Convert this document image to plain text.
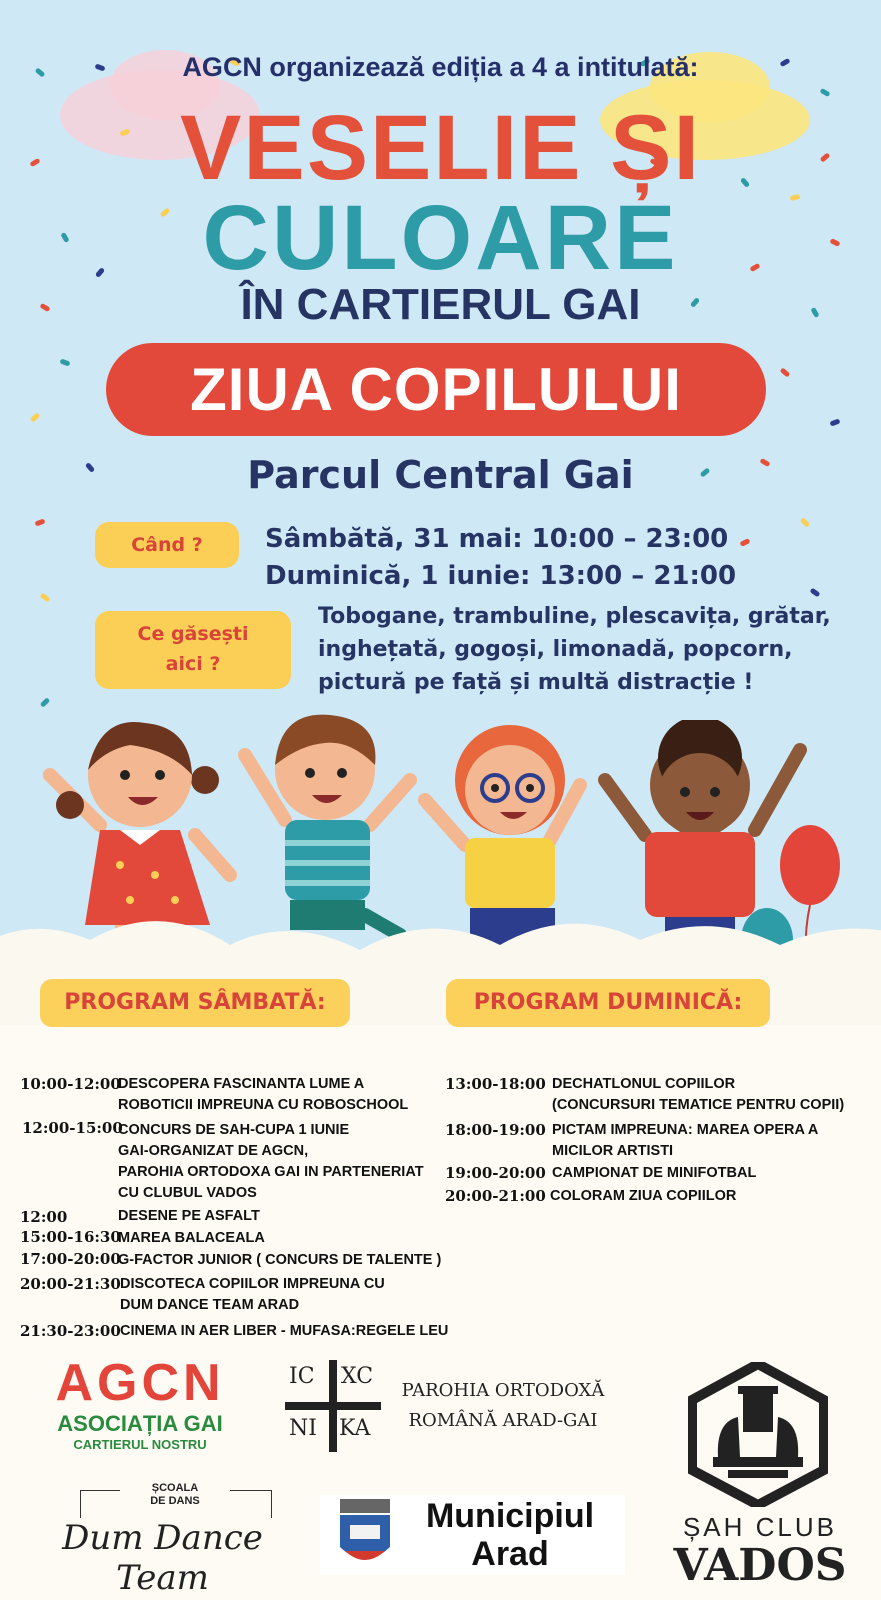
AGCN organizează ediția a 4 a intitulată:
VESELIE ȘI
CULOARE
ÎN CARTIERUL GAI
ZIUA COPILULUI
Parcul Central Gai
Când ?	Sâmbătă, 31 mai: 10:00 – 23:00
Duminică, 1 iunie: 13:00 – 21:00
Ce găsești
aici ?
Tobogane, trambuline, plescavița, grătar,
inghețată, gogoși, limonadă, popcorn,
pictură pe față și multă distracție !
PROGRAM SÂMBATĂ:	PROGRAM DUMINICĂ:
10:00-12:00
DESCOPERA FASCINANTA LUME A
ROBOTICII IMPREUNA CU ROBOSCHOOL
12:00-15:00
CONCURS DE SAH-CUPA 1 IUNIE
GAI-ORGANIZAT DE AGCN,
PAROHIA ORTODOXA GAI IN PARTENERIAT
CU CLUBUL VADOS
12:00	DESENE PE ASFALT
15:00-16:30
MAREA BALACEALA
17:00-20:00
G-FACTOR JUNIOR ( CONCURS DE TALENTE )
20:00-21:30 DISCOTECA COPIILOR IMPREUNA CU
DUM DANCE TEAM ARAD
21:30-23:00 CINEMA IN AER LIBER - MUFASA:REGELE LEU
13:00-18:00 DECHATLONUL COPIILOR
(CONCURSURI TEMATICE PENTRU COPII)
18:00-19:00 PICTAM IMPREUNA: MAREA OPERA A
MICILOR ARTISTI
19:00-20:00 CAMPIONAT DE MINIFOTBAL
20:00-21:00 COLORAM ZIUA COPIILOR
AGCN
ASOCIAȚIA GAI
CARTIERUL NOSTRU
IC XC
NI KA
PAROHIA ORTODOXĂ
ROMÂNĂ ARAD-GAI
ȘAH CLUB
VADOS
ȘCOALA
DE DANS
Dum Dance Team
Municipiul
Arad
